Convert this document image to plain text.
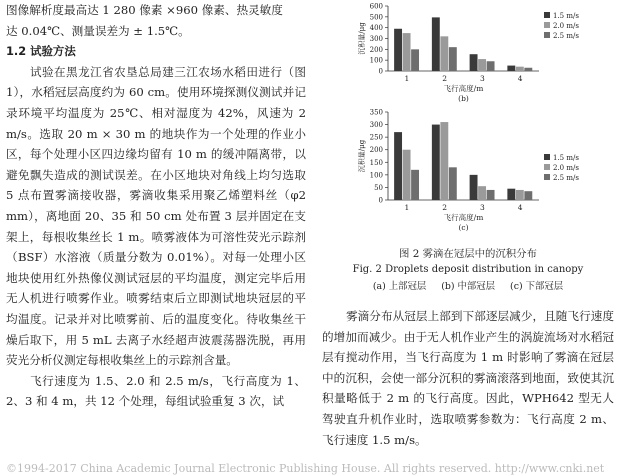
图像解析度最高达 1 280 像素 ×960 像素、热灵敏度

达 0.04℃、测量误差为 ± 1.5℃。

1.2 试验方法

试验在黑龙江省农垦总局建三江农场水稻田进行（图 1），水稻冠层高度约为 60 cm。使用环境探测仪测试并记录环境平均温度为 25℃、相对湿度为 42%，风速为 2 m/s。选取 20 m × 30 m 的地块作为一个处理的作业小区，每个处理小区四边缘均留有 10 m 的缓冲隔离带，以避免飘失造成的测试误差。在小区地块对角线上均匀选取 5 点布置雾滴接收器，雾滴收集采用聚乙烯塑料丝（φ2 mm），离地面 20、35 和 50 cm 处布置 3 层并固定在支架上，每根收集丝长 1 m。喷雾液体为可溶性荧光示踪剂（BSF）水溶液（质量分数为 0.01%）。对每一处理小区地块使用红外热像仪测试冠层的平均温度，测定完毕后用无人机进行喷雾作业。喷雾结束后立即测试地块冠层的平均温度。记录并对比喷雾前、后的温度变化。待收集丝干燥后取下，用 5 mL 去离子水经超声波震荡器洗脱，再用荧光分析仪测定每根收集丝上的示踪剂含量。

飞行速度为 1.5、2.0 和 2.5 m/s，飞行高度为 1、2、3 和 4 m，共 12 个处理，每组试验重复 3 次，试

0
100
200
300
400
500
600
1	2	3	4
飞行高度/m
沉积量/μg
(b)
1.5 m/s
2.0 m/s
2.5 m/s
0
50
100
150
200
250
300
350
1	2	3	4
飞行高度/m
沉积量/μg
(c)
1.5 m/s
2.0 m/s
2.5 m/s

图 2 雾滴在冠层中的沉积分布

Fig. 2 Droplets deposit distribution in canopy

(a) 上部冠层 (b) 中部冠层 (c) 下部冠层

雾滴分布从冠层上部到下部逐层减少，且随飞行速度的增加而减少。由于无人机作业产生的涡旋流场对水稻冠层有搅动作用，当飞行高度为 1 m 时影响了雾滴在冠层中的沉积，会使一部分沉积的雾滴滚落到地面，致使其沉积量略低于 2 m 的飞行高度。因此，WPH642 型无人驾驶直升机作业时，选取喷雾参数为：飞行高度 2 m、飞行速度 1.5 m/s。

©1994-2017 China Academic Journal Electronic Publishing House. All rights reserved. http://www.cnki.net
